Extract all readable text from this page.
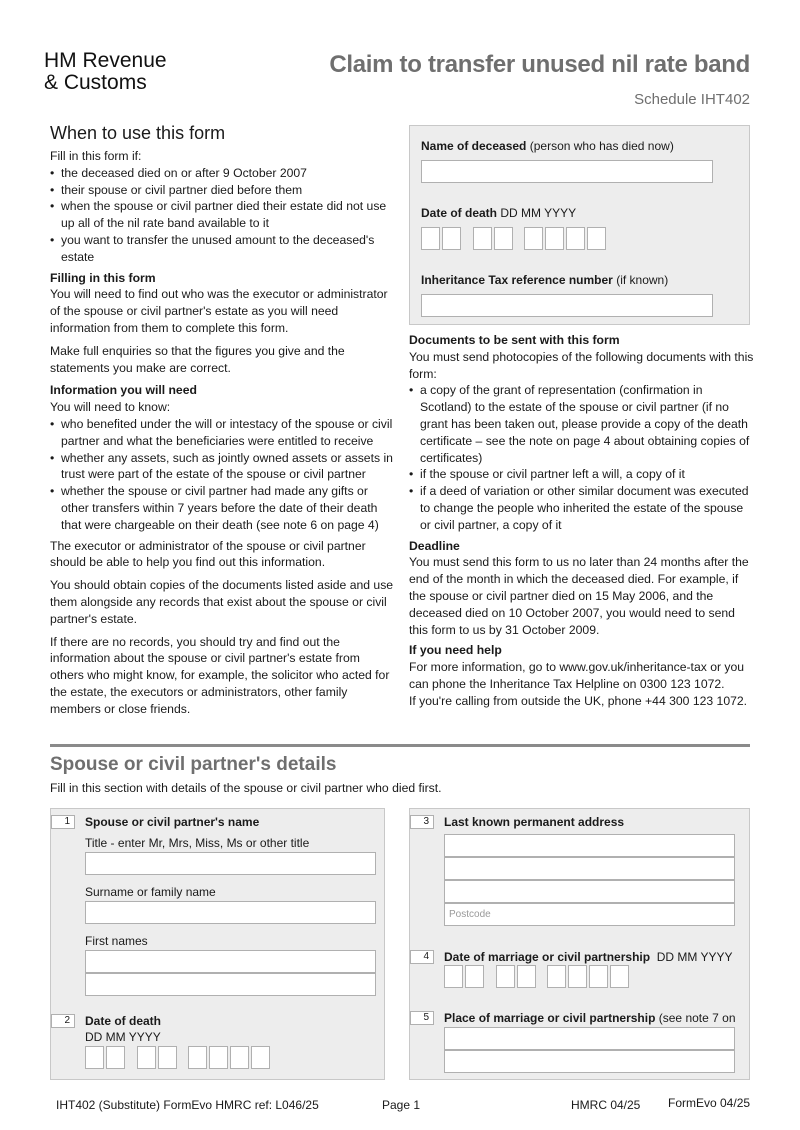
HM Revenue
& Customs
Claim to transfer unused nil rate band
Schedule IHT402
When to use this form

Fill in this form if:

• the deceased died on or after 9 October 2007
• their spouse or civil partner died before them
• when the spouse or civil partner died their estate did not use up all of the nil rate band available to it
• you want to transfer the unused amount to the deceased's estate
Filling in this form

You will need to find out who was the executor or administrator of the spouse or civil partner's estate as you will need information from them to complete this form.

Make full enquiries so that the figures you give and the statements you make are correct.

Information you will need

You will need to know:

• who benefited under the will or intestacy of the spouse or civil partner and what the beneficiaries were entitled to receive
• whether any assets, such as jointly owned assets or assets in trust were part of the estate of the spouse or civil partner
• whether the spouse or civil partner had made any gifts or other transfers within 7 years before the date of their death that were chargeable on their death (see note 6 on page 4)

The executor or administrator of the spouse or civil partner should be able to help you find out this information.

You should obtain copies of the documents listed aside and use them alongside any records that exist about the spouse or civil partner's estate.

If there are no records, you should try and find out the information about the spouse or civil partner's estate from others who might know, for example, the solicitor who acted for the estate, the executors or administrators, other family members or close friends.

Name of deceased (person who has died now)
Date of death DD MM YYYY
Inheritance Tax reference number (if known)
Documents to be sent with this form

You must send photocopies of the following documents with this form:

• a copy of the grant of representation (confirmation in Scotland) to the estate of the spouse or civil partner (if no grant has been taken out, please provide a copy of the death certificate – see the note on page 4 about obtaining copies of certificates)
• if the spouse or civil partner left a will, a copy of it
• if a deed of variation or other similar document was executed to change the people who inherited the estate of the spouse or civil partner, a copy of it
Deadline

You must send this form to us no later than 24 months after the end of the month in which the deceased died. For example, if the spouse or civil partner died on 15 May 2006, and the deceased died on 10 October 2007, you would need to send this form to us by 31 October 2009.

If you need help

For more information, go to www.gov.uk/inheritance-tax or you can phone the Inheritance Tax Helpline on 0300 123 1072.

If you're calling from outside the UK, phone +44 300 123 1072.

Spouse or civil partner's details
Fill in this section with details of the spouse or civil partner who died first.
1	Spouse or civil partner's name
Title - enter Mr, Mrs, Miss, Ms or other title
Surname or family name
First names
2	Date of death
DD MM YYYY
3	Last known permanent address
Postcode
4	Date of marriage or civil partnership DD MM YYYY
5	Place of marriage or civil partnership (see note 7 on
IHT402 (Substitute) FormEvo HMRC ref: L046/25	Page 1	HMRC 04/25 FormEvo 04/25
